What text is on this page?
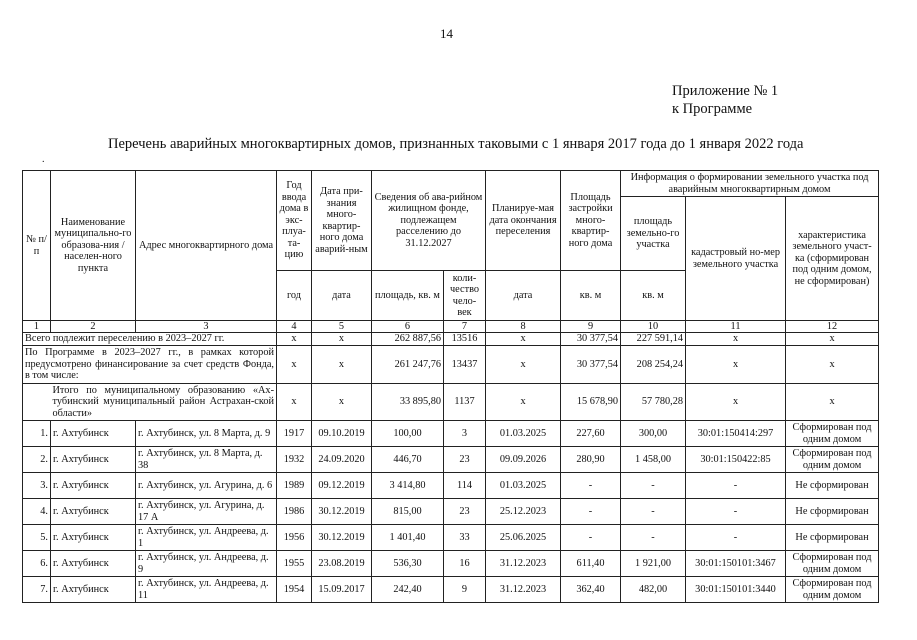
14
Приложение № 1
к Программе
Перечень аварийных многоквартирных домов, признанных таковыми с 1 января 2017 года до 1 января 2022 года
.
№ п/п	Наименование муниципально-го образова-ния / населен-ного пункта	Адрес многоквартирного дома	Год ввода дома в экс-плуа-та-цию	Дата при-знания много-квартир-ного дома аварий-ным	Сведения об ава-рийном жилищном фонде, подлежащем расселению до 31.12.2027		Планируе-мая дата окончания переселения	Площадь застройки много-квартир-ного дома	Информация о формировании земельного участка под аварийным многоквартирным домом		
									площадь земельно-го участка	кадастровый но-мер земельного участка	характеристика земельного участ-ка (сформирован под одним домом, не сформирован)
			год	дата	площадь, кв. м	коли-чество чело-век	дата	кв. м	кв. м		
1	2	3	4	5	6	7	8	9	10	11	12
Всего подлежит переселению в 2023–2027 гг.			х	х	262 887,56	13516	х	30 377,54	227 591,14	х	х
По Программе в 2023–2027 гг., в рамках которой предусмотрено финансирование за счет средств Фонда, в том числе:			х	х	261 247,76	13437	х	30 377,54	208 254,24	х	х
	Итого по муниципальному образованию «Ах-тубинский муниципальный район Астрахан-ской области»		х	х	33 895,80	1137	х	15 678,90	57 780,28	х	х
1.	г. Ахтубинск	г. Ахтубинск, ул. 8 Марта, д. 9	1917	09.10.2019	100,00	3	01.03.2025	227,60	300,00	30:01:150414:297	Сформирован под одним домом
2.	г. Ахтубинск	г. Ахтубинск, ул. 8 Марта, д. 38	1932	24.09.2020	446,70	23	09.09.2026	280,90	1 458,00	30:01:150422:85	Сформирован под одним домом
3.	г. Ахтубинск	г. Ахтубинск, ул. Агурина, д. 6	1989	09.12.2019	3 414,80	114	01.03.2025	-	-	-	Не сформирован
4.	г. Ахтубинск	г. Ахтубинск, ул. Агурина, д. 17 А	1986	30.12.2019	815,00	23	25.12.2023	-	-	-	Не сформирован
5.	г. Ахтубинск	г. Ахтубинск, ул. Андреева, д. 1	1956	30.12.2019	1 401,40	33	25.06.2025	-	-	-	Не сформирован
6.	г. Ахтубинск	г. Ахтубинск, ул. Андреева, д. 9	1955	23.08.2019	536,30	16	31.12.2023	611,40	1 921,00	30:01:150101:3467	Сформирован под одним домом
7.	г. Ахтубинск	г. Ахтубинск, ул. Андреева, д. 11	1954	15.09.2017	242,40	9	31.12.2023	362,40	482,00	30:01:150101:3440	Сформирован под одним домом
